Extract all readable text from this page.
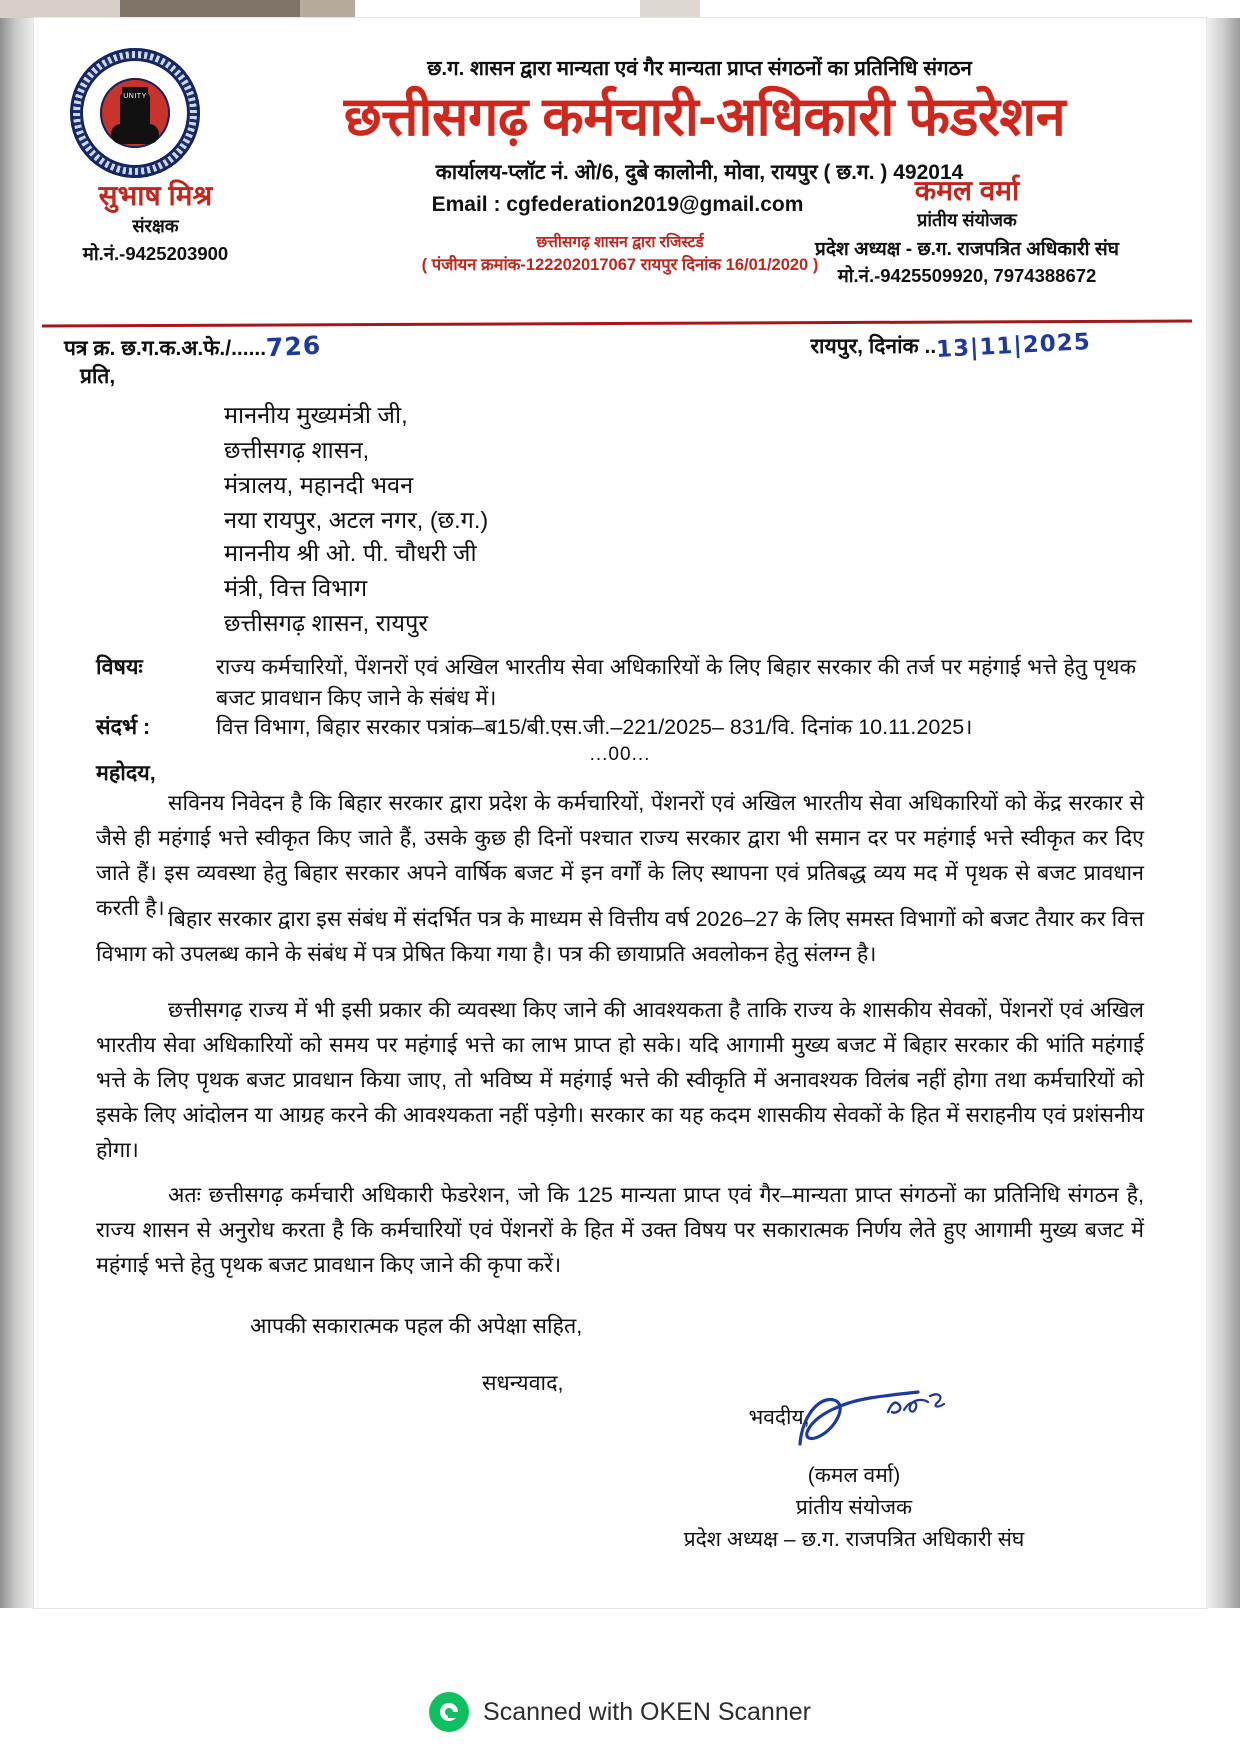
UNITY
छ.ग. शासन द्वारा मान्यता एवं गैर मान्यता प्राप्त संगठनों का प्रतिनिधि संगठन
छत्तीसगढ़ कर्मचारी-अधिकारी फेडरेशन
कार्यालय-प्लॉट नं. ओ/6, दुबे कालोनी, मोवा, रायपुर ( छ.ग. ) 492014
Email : cgfederation2019@gmail.com
छत्तीसगढ़ शासन द्वारा रजिस्टर्ड
( पंजीयन क्रमांक-122202017067 रायपुर दिनांक 16/01/2020 )
सुभाष मिश्र
संरक्षक
मो.नं.-9425203900
कमल वर्मा
प्रांतीय संयोजक
प्रदेश अध्यक्ष - छ.ग. राजपत्रित अधिकारी संघ
मो.नं.-9425509920, 7974388672
पत्र क्र. छ.ग.क.अ.फे./......726	रायपुर, दिनांक ..13|11|2025
प्रति,
माननीय मुख्यमंत्री जी,
छत्तीसगढ़ शासन,
मंत्रालय, महानदी भवन
नया रायपुर, अटल नगर, (छ.ग.)
माननीय श्री ओ. पी. चौधरी जी
मंत्री, वित्त विभाग
छत्तीसगढ़ शासन, रायपुर
विषयः	राज्य कर्मचारियों, पेंशनरों एवं अखिल भारतीय सेवा अधिकारियों के लिए बिहार सरकार की तर्ज पर महंगाई भत्ते हेतु पृथक बजट प्रावधान किए जाने के संबंध में।
संदर्भ :	वित्त विभाग, बिहार सरकार पत्रांक–ब15/बी.एस.जी.–221/2025– 831/वि. दिनांक 10.11.2025।
...00...
महोदय,
सविनय निवेदन है कि बिहार सरकार द्वारा प्रदेश के कर्मचारियों, पेंशनरों एवं अखिल भारतीय सेवा अधिकारियों को केंद्र सरकार से जैसे ही महंगाई भत्ते स्वीकृत किए जाते हैं, उसके कुछ ही दिनों पश्चात राज्य सरकार द्वारा भी समान दर पर महंगाई भत्ते स्वीकृत कर दिए जाते हैं। इस व्यवस्था हेतु बिहार सरकार अपने वार्षिक बजट में इन वर्गों के लिए स्थापना एवं प्रतिबद्ध व्यय मद में पृथक से बजट प्रावधान करती है। बिहार सरकार द्वारा इस संबंध में संदर्भित पत्र के माध्यम से वित्तीय वर्ष 2026–27 के लिए समस्त विभागों को बजट तैयार कर वित्त विभाग को उपलब्ध काने के संबंध में पत्र प्रेषित किया गया है। पत्र की छायाप्रति अवलोकन हेतु संलग्न है।
छत्तीसगढ़ राज्य में भी इसी प्रकार की व्यवस्था किए जाने की आवश्यकता है ताकि राज्य के शासकीय सेवकों, पेंशनरों एवं अखिल भारतीय सेवा अधिकारियों को समय पर महंगाई भत्ते का लाभ प्राप्त हो सके। यदि आगामी मुख्य बजट में बिहार सरकार की भांति महंगाई भत्ते के लिए पृथक बजट प्रावधान किया जाए, तो भविष्य में महंगाई भत्ते की स्वीकृति में अनावश्यक विलंब नहीं होगा तथा कर्मचारियों को इसके लिए आंदोलन या आग्रह करने की आवश्यकता नहीं पड़ेगी। सरकार का यह कदम शासकीय सेवकों के हित में सराहनीय एवं प्रशंसनीय होगा।
अतः छत्तीसगढ़ कर्मचारी अधिकारी फेडरेशन, जो कि 125 मान्यता प्राप्त एवं गैर–मान्यता प्राप्त संगठनों का प्रतिनिधि संगठन है, राज्य शासन से अनुरोध करता है कि कर्मचारियों एवं पेंशनरों के हित में उक्त विषय पर सकारात्मक निर्णय लेते हुए आगामी मुख्य बजट में महंगाई भत्ते हेतु पृथक बजट प्रावधान किए जाने की कृपा करें।
आपकी सकारात्मक पहल की अपेक्षा सहित,
सधन्यवाद,
भवदीय,
(कमल वर्मा)
प्रांतीय संयोजक
प्रदेश अध्यक्ष – छ.ग. राजपत्रित अधिकारी संघ
Scanned with OKEN Scanner
